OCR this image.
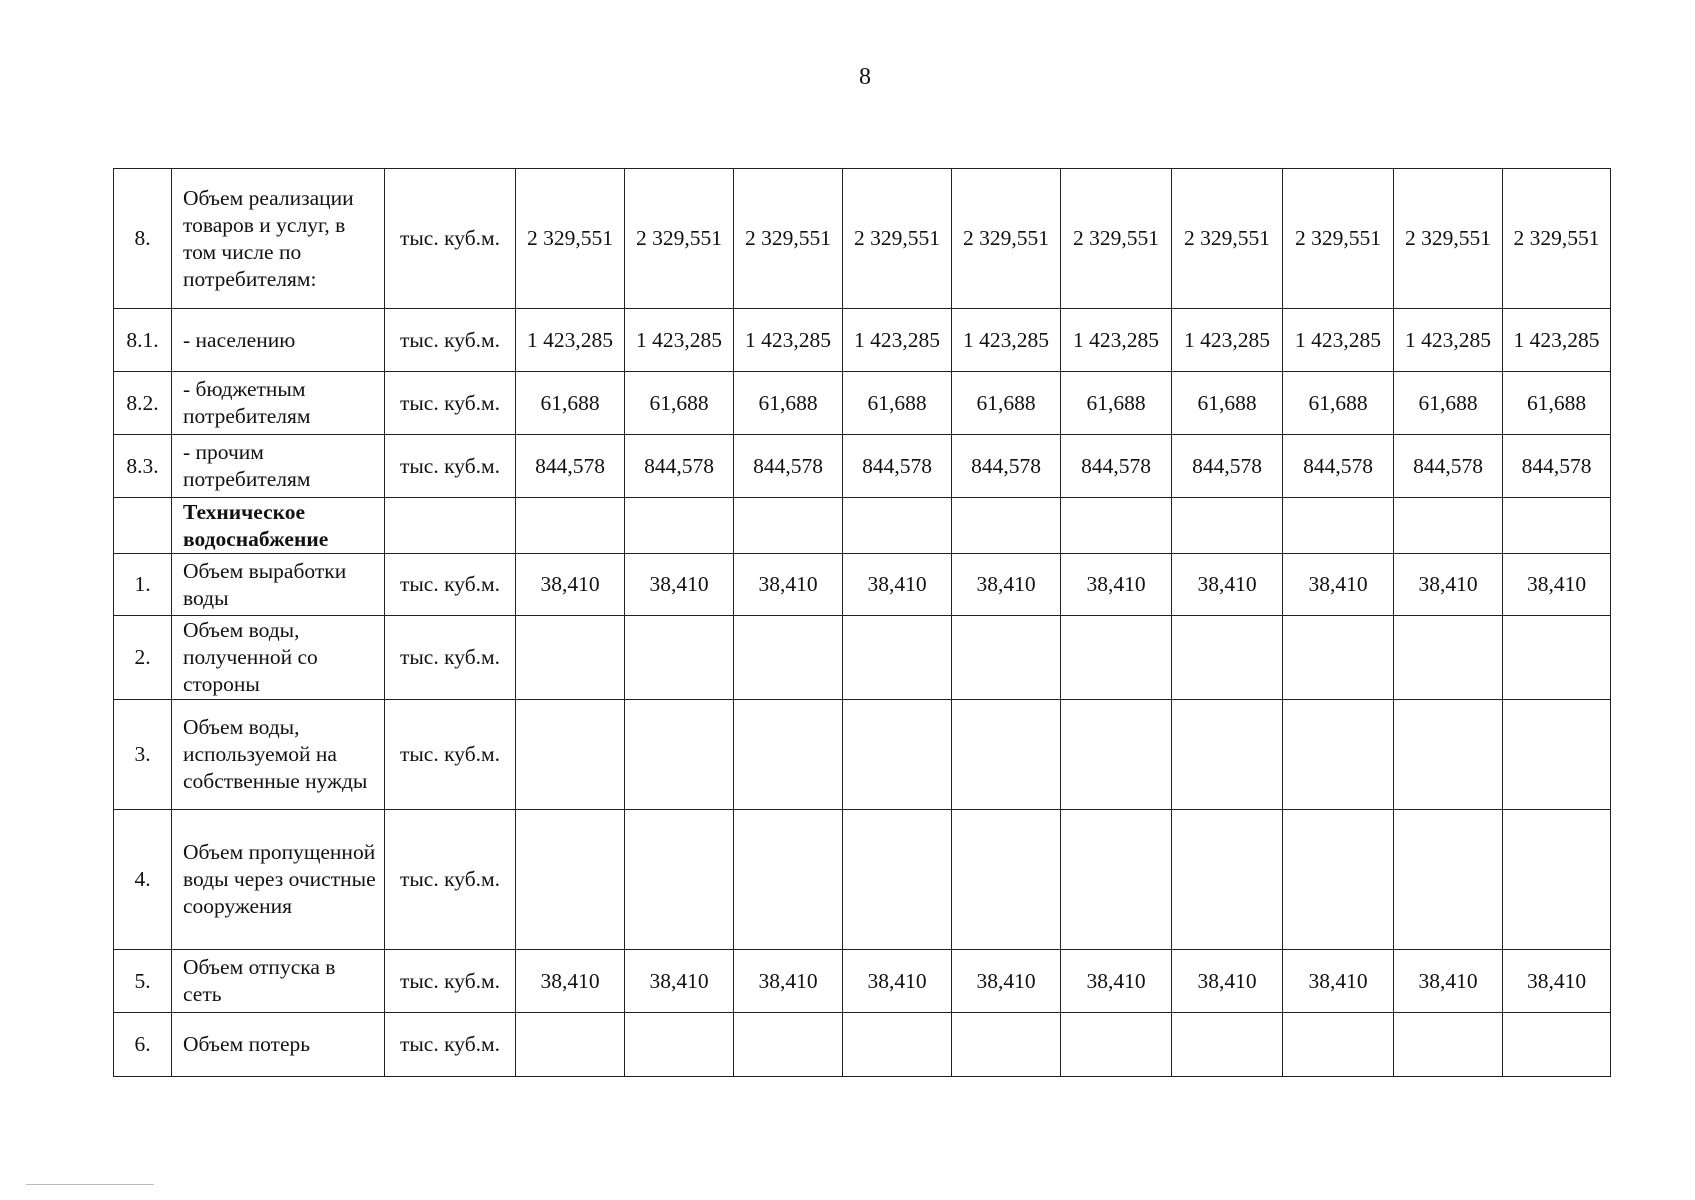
8
8.	Объем реализации товаров и услуг, в том числе по потребителям:	тыс. куб.м.	2 329,551	2 329,551	2 329,551	2 329,551	2 329,551	2 329,551	2 329,551	2 329,551	2 329,551	2 329,551
8.1.	- населению	тыс. куб.м.	1 423,285	1 423,285	1 423,285	1 423,285	1 423,285	1 423,285	1 423,285	1 423,285	1 423,285	1 423,285
8.2.	- бюджетным потребителям	тыс. куб.м.	61,688	61,688	61,688	61,688	61,688	61,688	61,688	61,688	61,688	61,688
8.3.	- прочим потребителям	тыс. куб.м.	844,578	844,578	844,578	844,578	844,578	844,578	844,578	844,578	844,578	844,578
	Техническое водоснабжение											
1.	Объем выработки воды	тыс. куб.м.	38,410	38,410	38,410	38,410	38,410	38,410	38,410	38,410	38,410	38,410
2.	Объем воды, полученной со стороны	тыс. куб.м.										
3.	Объем воды, используемой на собственные нужды	тыс. куб.м.										
4.	Объем пропущенной воды через очистные сооружения	тыс. куб.м.										
5.	Объем отпуска в сеть	тыс. куб.м.	38,410	38,410	38,410	38,410	38,410	38,410	38,410	38,410	38,410	38,410
6.	Объем потерь	тыс. куб.м.										
